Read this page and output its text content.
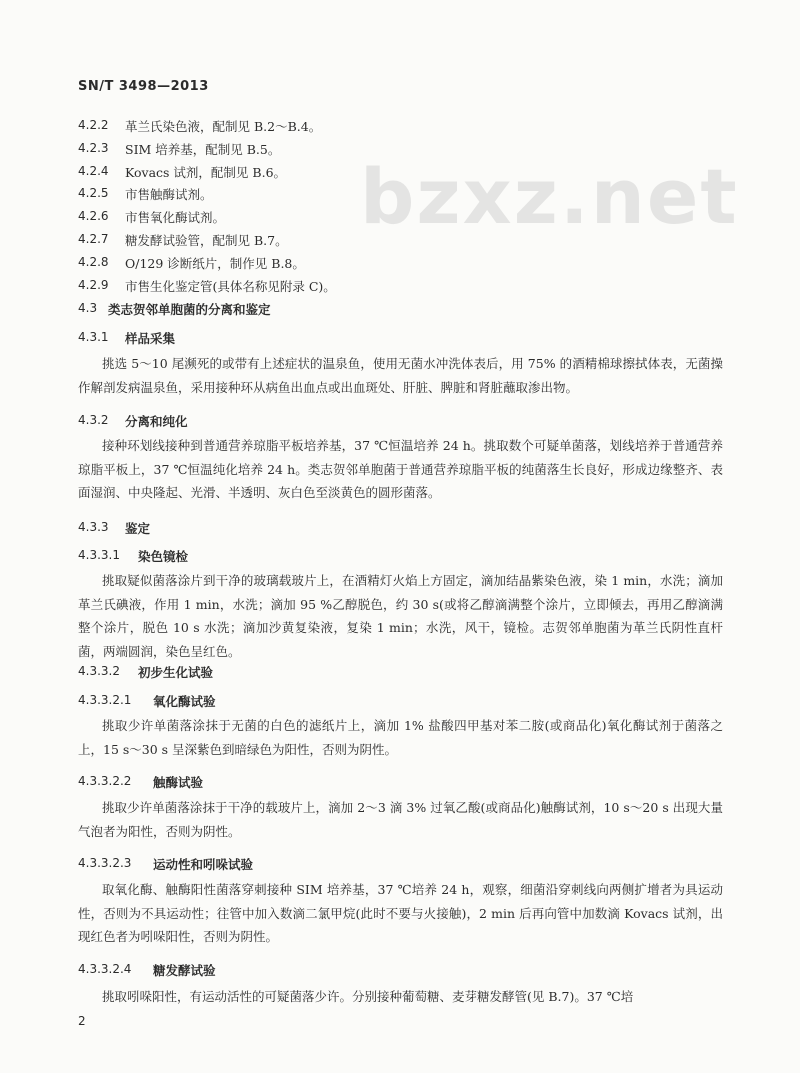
bzxz.net
SN/T 3498—2013
4.2.2 革兰氏染色液，配制见 B.2～B.4。
4.2.3 SIM 培养基，配制见 B.5。
4.2.4 Kovacs 试剂，配制见 B.6。
4.2.5 市售触酶试剂。
4.2.6 市售氧化酶试剂。
4.2.7 糖发酵试验管，配制见 B.7。
4.2.8 O/129 诊断纸片，制作见 B.8。
4.2.9 市售生化鉴定管(具体名称见附录 C)。
4.3 类志贺邻单胞菌的分离和鉴定
4.3.1 样品采集
挑选 5～10 尾濒死的或带有上述症状的温泉鱼，使用无菌水冲洗体表后，用 75% 的酒精棉球擦拭体表，无菌操作解剖发病温泉鱼，采用接种环从病鱼出血点或出血斑处、肝脏、脾脏和肾脏蘸取渗出物。
4.3.2 分离和纯化
接种环划线接种到普通营养琼脂平板培养基，37 ℃恒温培养 24 h。挑取数个可疑单菌落，划线培养于普通营养琼脂平板上，37 ℃恒温纯化培养 24 h。类志贺邻单胞菌于普通营养琼脂平板的纯菌落生长良好，形成边缘整齐、表面湿润、中央隆起、光滑、半透明、灰白色至淡黄色的圆形菌落。
4.3.3 鉴定
4.3.3.1 染色镜检
挑取疑似菌落涂片到干净的玻璃载玻片上，在酒精灯火焰上方固定，滴加结晶紫染色液，染 1 min，水洗；滴加革兰氏碘液，作用 1 min，水洗；滴加 95 %乙醇脱色，约 30 s(或将乙醇滴满整个涂片，立即倾去，再用乙醇滴满整个涂片，脱色 10 s 水洗；滴加沙黄复染液，复染 1 min；水洗，风干，镜检。志贺邻单胞菌为革兰氏阴性直杆菌，两端圆润，染色呈红色。
4.3.3.2 初步生化试验
4.3.3.2.1 氧化酶试验
挑取少许单菌落涂抹于无菌的白色的滤纸片上，滴加 1% 盐酸四甲基对苯二胺(或商品化)氧化酶试剂于菌落之上，15 s～30 s 呈深紫色到暗绿色为阳性，否则为阴性。
4.3.3.2.2 触酶试验
挑取少许单菌落涂抹于干净的载玻片上，滴加 2～3 滴 3% 过氧乙酸(或商品化)触酶试剂，10 s～20 s 出现大量气泡者为阳性，否则为阴性。
4.3.3.2.3 运动性和吲哚试验
取氧化酶、触酶阳性菌落穿刺接种 SIM 培养基，37 ℃培养 24 h，观察，细菌沿穿刺线向两侧扩增者为具运动性，否则为不具运动性；往管中加入数滴二氯甲烷(此时不要与火接触)，2 min 后再向管中加数滴 Kovacs 试剂，出现红色者为吲哚阳性，否则为阴性。
4.3.3.2.4 糖发酵试验
挑取吲哚阳性，有运动活性的可疑菌落少许。分别接种葡萄糖、麦芽糖发酵管(见 B.7)。37 ℃培
2
